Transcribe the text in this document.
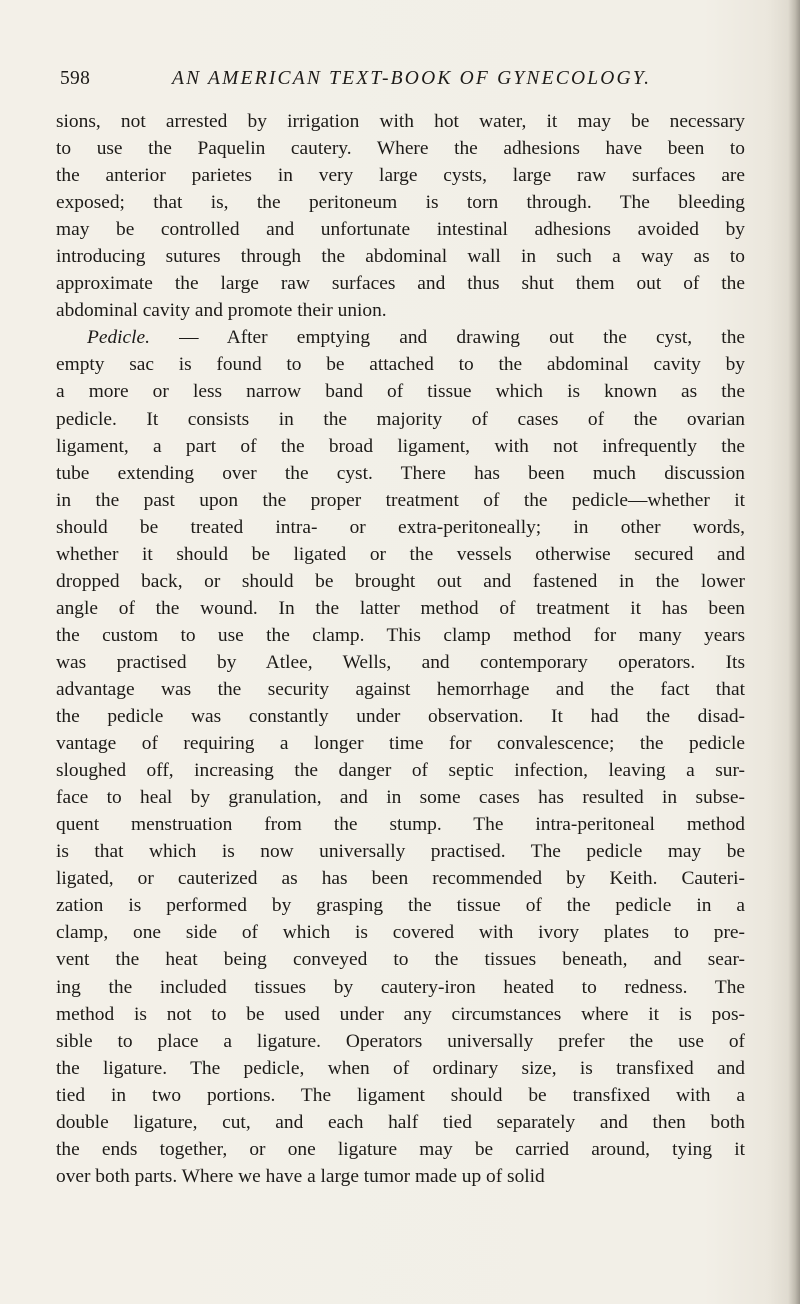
598	AN AMERICAN TEXT-BOOK OF GYNECOLOGY.
sions, not arrested by irrigation with hot water, it may be necessary
to use the Paquelin cautery. Where the adhesions have been to
the anterior parietes in very large cysts, large raw surfaces are
exposed; that is, the peritoneum is torn through. The bleeding
may be controlled and unfortunate intestinal adhesions avoided by
introducing sutures through the abdominal wall in such a way as to
approximate the large raw surfaces and thus shut them out of the
abdominal cavity and promote their union.
Pedicle. — After emptying and drawing out the cyst, the
empty sac is found to be attached to the abdominal cavity by
a more or less narrow band of tissue which is known as the
pedicle. It consists in the majority of cases of the ovarian
ligament, a part of the broad ligament, with not infrequently the
tube extending over the cyst. There has been much discussion
in the past upon the proper treatment of the pedicle—whether it
should be treated intra- or extra-peritoneally; in other words,
whether it should be ligated or the vessels otherwise secured and
dropped back, or should be brought out and fastened in the lower
angle of the wound. In the latter method of treatment it has been
the custom to use the clamp. This clamp method for many years
was practised by Atlee, Wells, and contemporary operators. Its
advantage was the security against hemorrhage and the fact that
the pedicle was constantly under observation. It had the disad-
vantage of requiring a longer time for convalescence; the pedicle
sloughed off, increasing the danger of septic infection, leaving a sur-
face to heal by granulation, and in some cases has resulted in subse-
quent menstruation from the stump. The intra-peritoneal method
is that which is now universally practised. The pedicle may be
ligated, or cauterized as has been recommended by Keith. Cauteri-
zation is performed by grasping the tissue of the pedicle in a
clamp, one side of which is covered with ivory plates to pre-
vent the heat being conveyed to the tissues beneath, and sear-
ing the included tissues by cautery-iron heated to redness. The
method is not to be used under any circumstances where it is pos-
sible to place a ligature. Operators universally prefer the use of
the ligature. The pedicle, when of ordinary size, is transfixed and
tied in two portions. The ligament should be transfixed with a
double ligature, cut, and each half tied separately and then both
the ends together, or one ligature may be carried around, tying it
over both parts. Where we have a large tumor made up of solid
